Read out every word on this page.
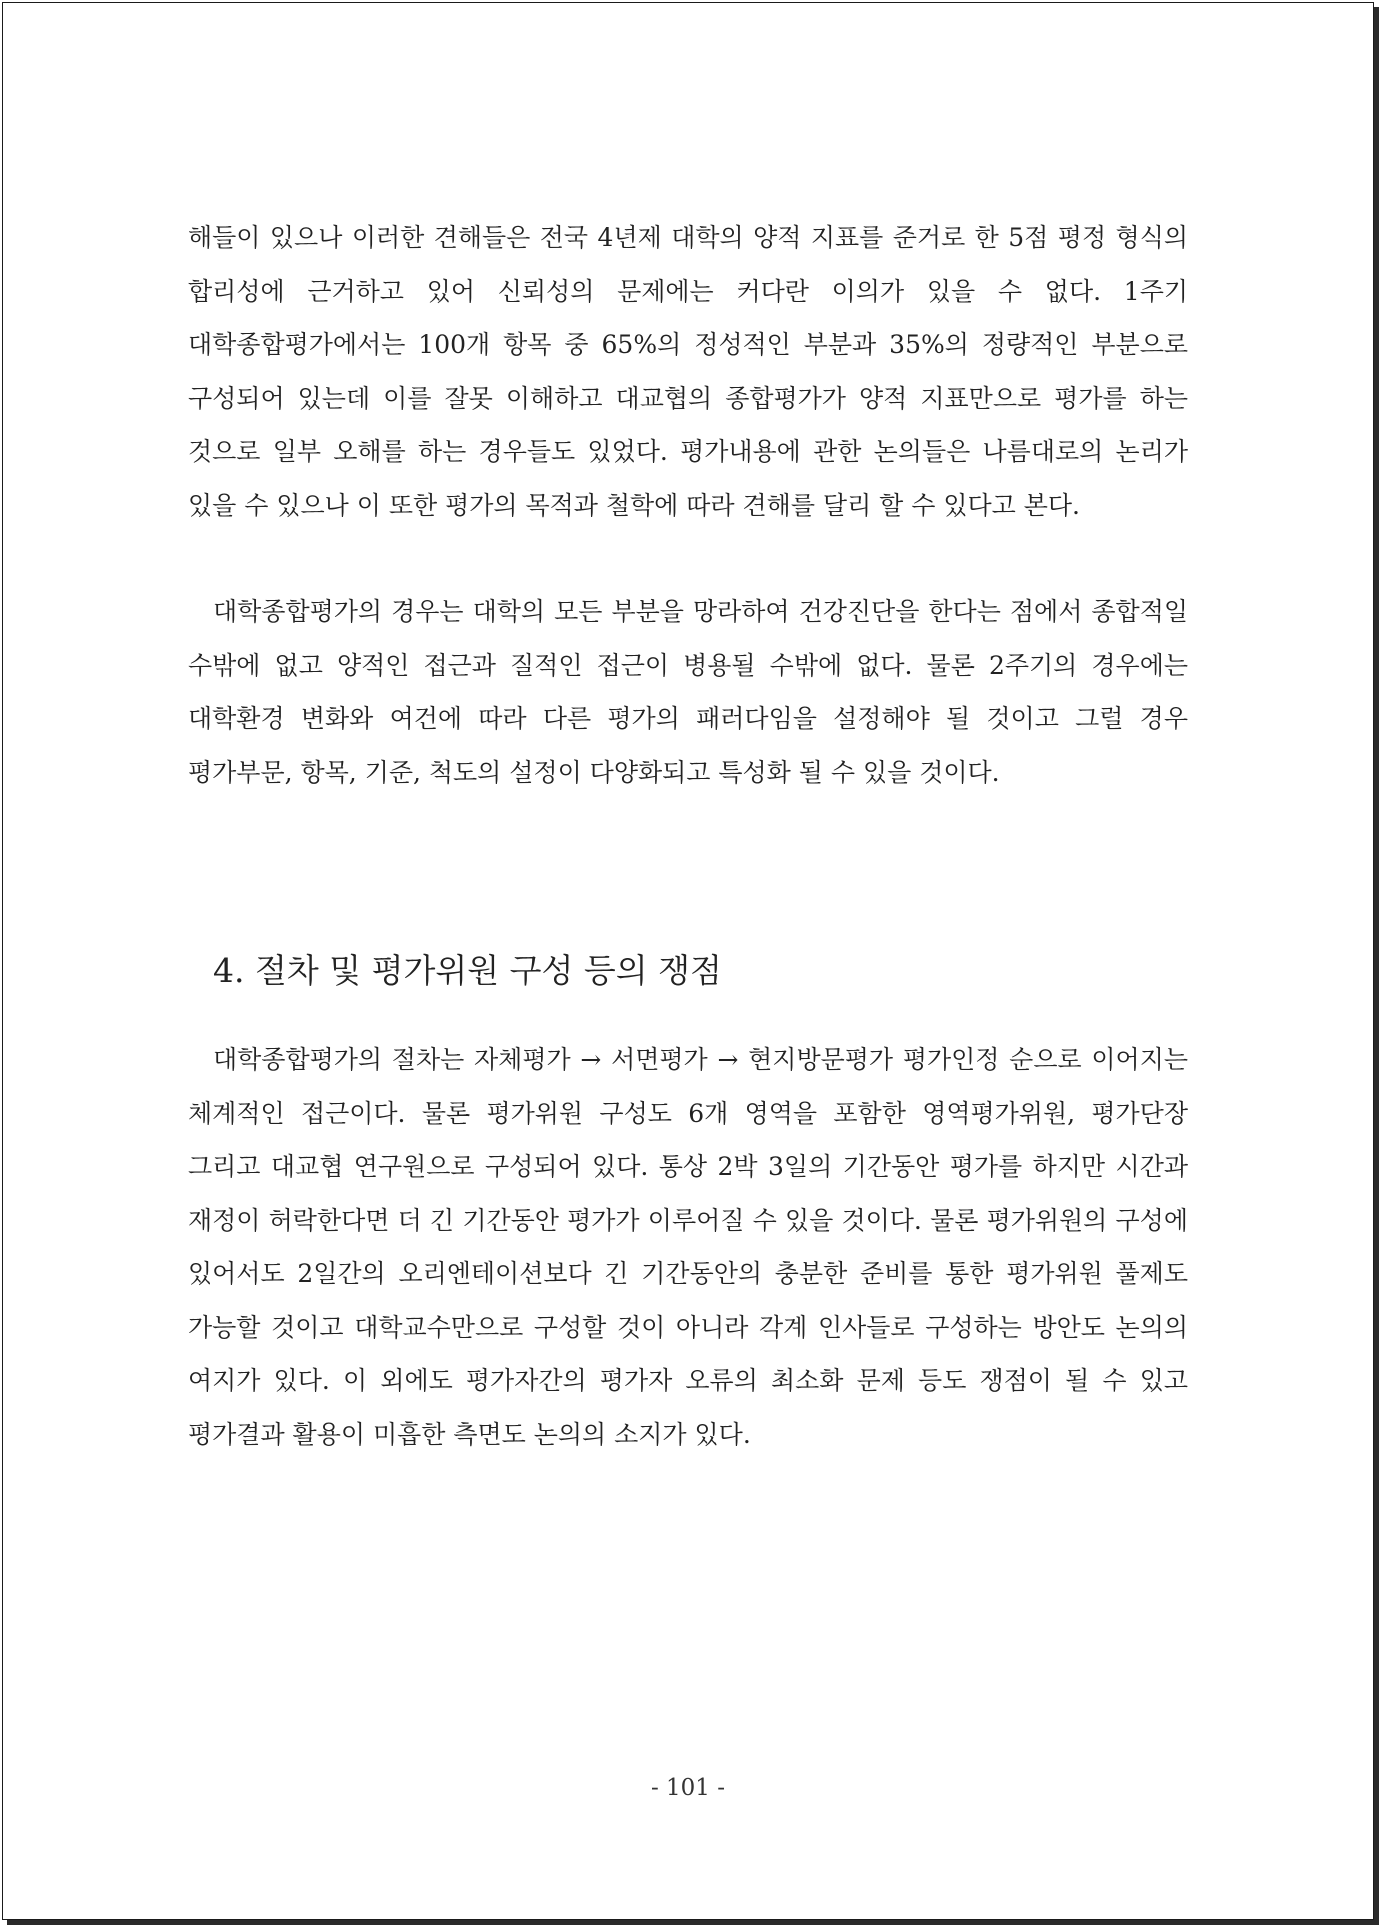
해들이 있으나 이러한 견해들은 전국 4년제 대학의 양적 지표를 준거로 한 5점 평정 형식의 합리성에 근거하고 있어 신뢰성의 문제에는 커다란 이의가 있을 수 없다. 1주기 대학종합평가에서는 100개 항목 중 65%의 정성적인 부분과 35%의 정량적인 부분으로 구성되어 있는데 이를 잘못 이해하고 대교협의 종합평가가 양적 지표만으로 평가를 하는 것으로 일부 오해를 하는 경우들도 있었다. 평가내용에 관한 논의들은 나름대로의 논리가 있을 수 있으나 이 또한 평가의 목적과 철학에 따라 견해를 달리 할 수 있다고 본다.

대학종합평가의 경우는 대학의 모든 부분을 망라하여 건강진단을 한다는 점에서 종합적일 수밖에 없고 양적인 접근과 질적인 접근이 병용될 수밖에 없다. 물론 2주기의 경우에는 대학환경 변화와 여건에 따라 다른 평가의 패러다임을 설정해야 될 것이고 그럴 경우 평가부문, 항목, 기준, 척도의 설정이 다양화되고 특성화 될 수 있을 것이다.

4. 절차 및 평가위원 구성 등의 쟁점

대학종합평가의 절차는 자체평가 → 서면평가 → 현지방문평가 평가인정 순으로 이어지는 체계적인 접근이다. 물론 평가위원 구성도 6개 영역을 포함한 영역평가위원, 평가단장 그리고 대교협 연구원으로 구성되어 있다. 통상 2박 3일의 기간동안 평가를 하지만 시간과 재정이 허락한다면 더 긴 기간동안 평가가 이루어질 수 있을 것이다. 물론 평가위원의 구성에 있어서도 2일간의 오리엔테이션보다 긴 기간동안의 충분한 준비를 통한 평가위원 풀제도 가능할 것이고 대학교수만으로 구성할 것이 아니라 각계 인사들로 구성하는 방안도 논의의 여지가 있다. 이 외에도 평가자간의 평가자 오류의 최소화 문제 등도 쟁점이 될 수 있고 평가결과 활용이 미흡한 측면도 논의의 소지가 있다.

- 101 -
